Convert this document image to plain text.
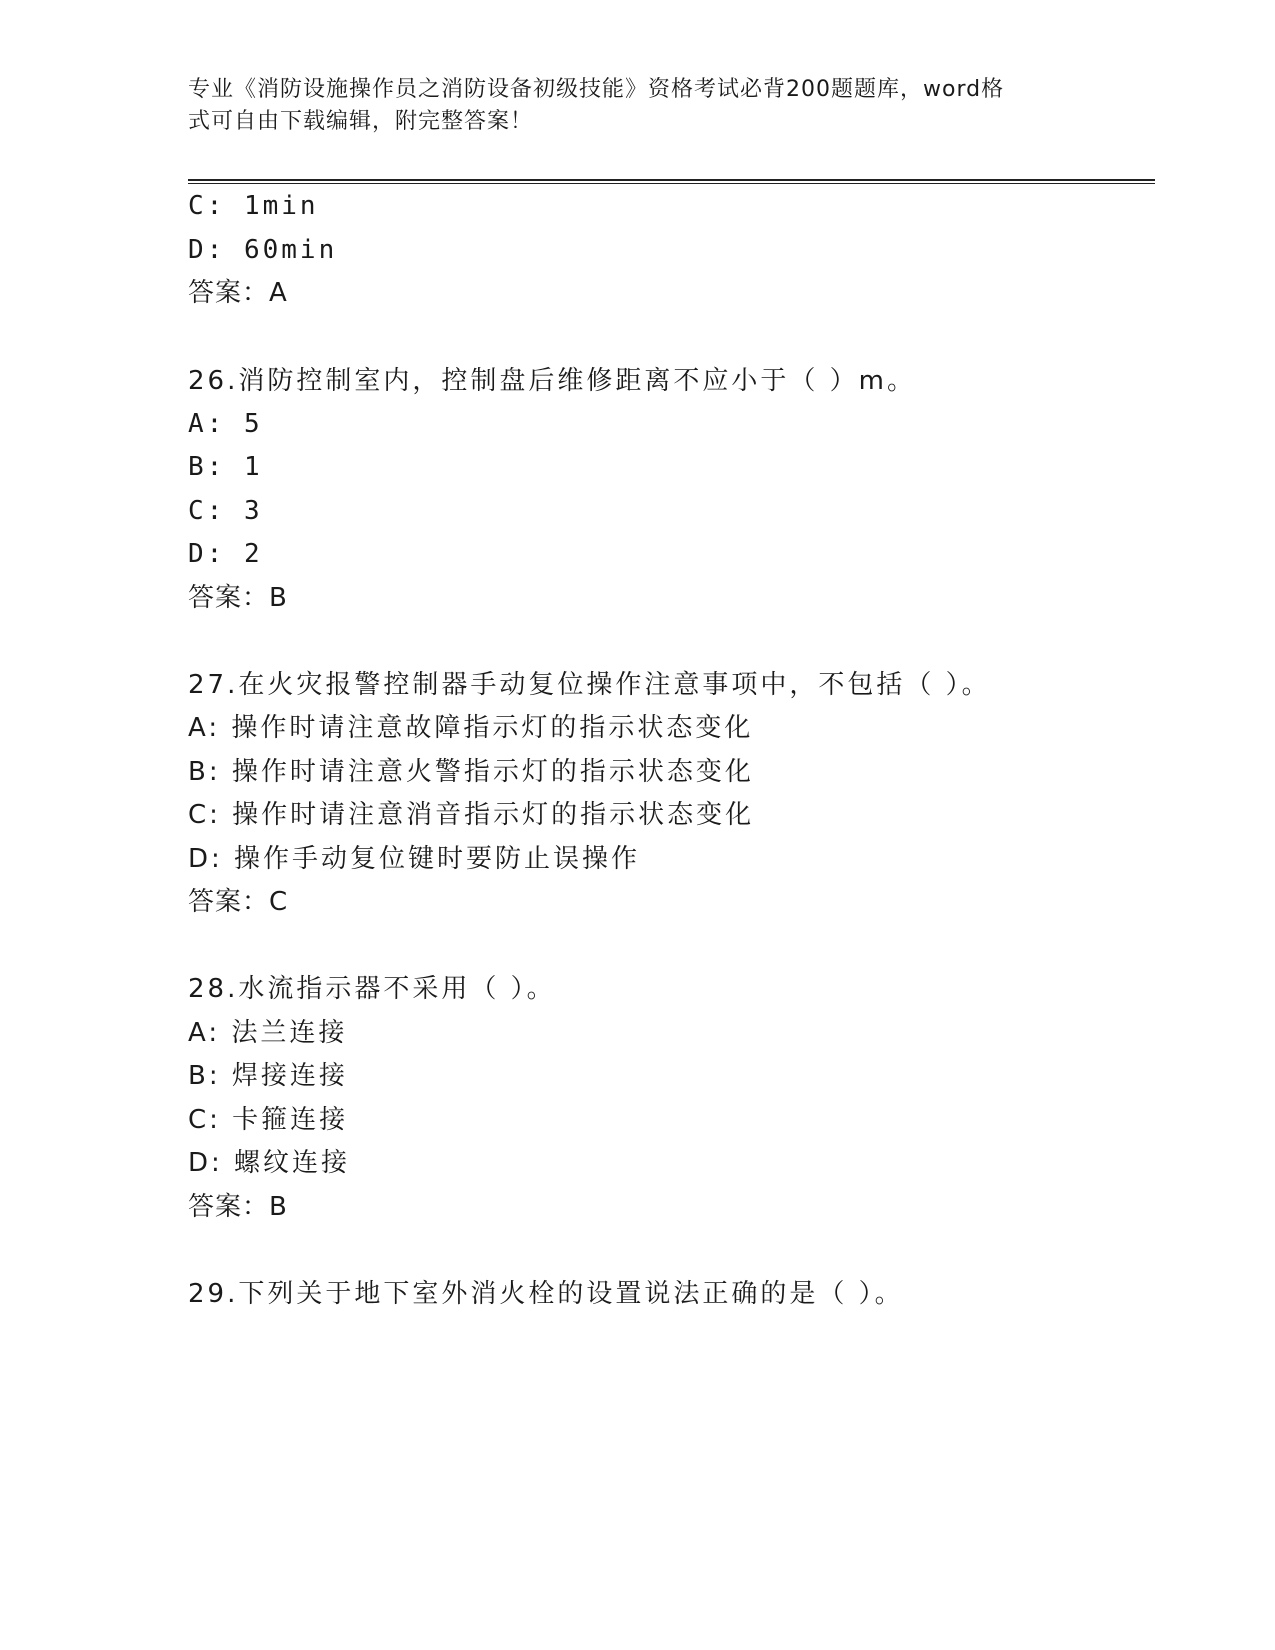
专业《消防设施操作员之消防设备初级技能》资格考试必背200题题库，word格
式可自由下载编辑，附完整答案！
C: 1min
D: 60min
答案：A
26.消防控制室内，控制盘后维修距离不应小于（ ）m。
A: 5
B: 1
C: 3
D: 2
答案：B
27.在火灾报警控制器手动复位操作注意事项中，不包括（ ）。
A: 操作时请注意故障指示灯的指示状态变化
B: 操作时请注意火警指示灯的指示状态变化
C: 操作时请注意消音指示灯的指示状态变化
D: 操作手动复位键时要防止误操作
答案：C
28.水流指示器不采用（ ）。
A: 法兰连接
B: 焊接连接
C: 卡箍连接
D: 螺纹连接
答案：B
29.下列关于地下室外消火栓的设置说法正确的是（ ）。
